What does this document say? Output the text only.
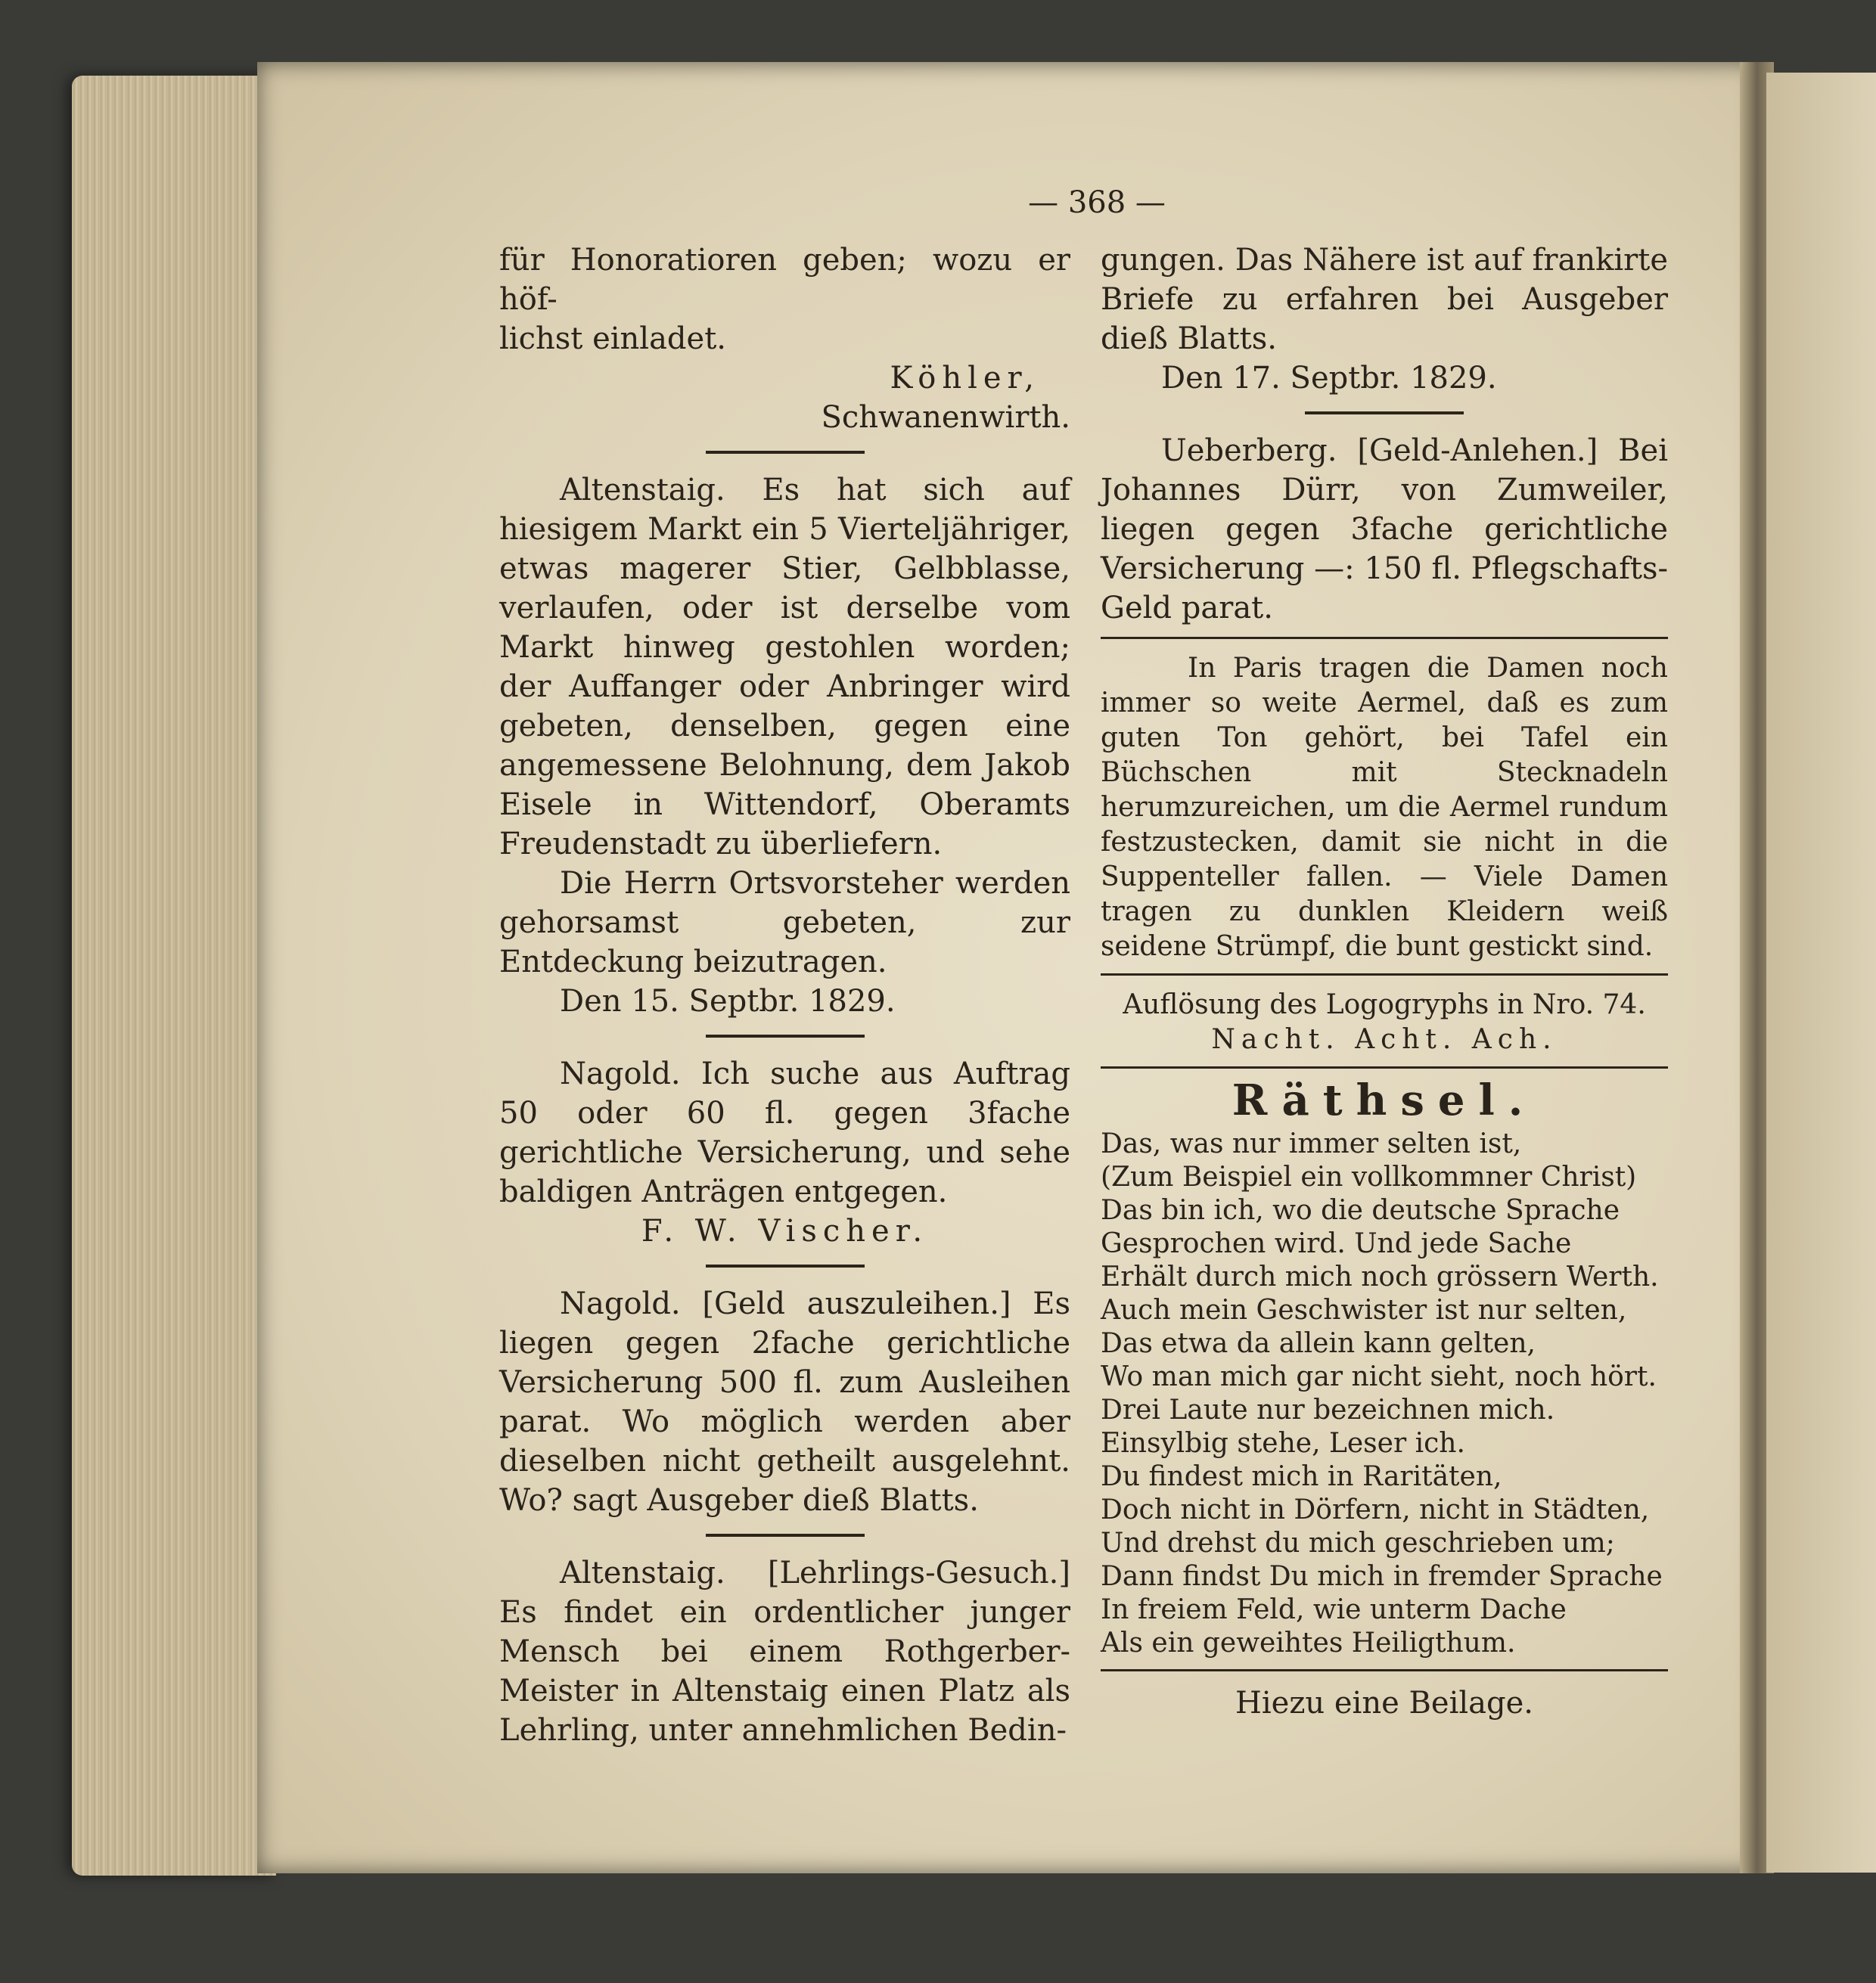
— 368 —

für Honoratioren geben; wozu er höf-

lichst einladet.

Köhler,

Schwanenwirth.

Altenstaig. Es hat sich auf hiesigem Markt ein 5 Vierteljähriger, etwas magerer Stier, Gelbblasse, verlaufen, oder ist derselbe vom Markt hinweg gestohlen worden; der Auffanger oder Anbringer wird gebeten, denselben, gegen eine angemessene Belohnung, dem Jakob Eisele in Wittendorf, Oberamts Freudenstadt zu überliefern.

Die Herrn Ortsvorsteher werden gehorsamst gebeten, zur Entdeckung beizutragen.

Den 15. Septbr. 1829.

Nagold. Ich suche aus Auftrag 50 oder 60 fl. gegen 3fache gerichtliche Versicherung, und sehe baldigen Anträgen entgegen.

F. W. Vischer.

Nagold. [Geld auszuleihen.] Es liegen gegen 2fache gerichtliche Versicherung 500 fl. zum Ausleihen parat. Wo möglich werden aber dieselben nicht getheilt ausgelehnt. Wo? sagt Ausgeber dieß Blatts.

Altenstaig. [Lehrlings-Gesuch.] Es findet ein ordentlicher junger Mensch bei einem Rothgerber-Meister in Altenstaig einen Platz als Lehrling, unter annehmlichen Bedin-

gungen. Das Nähere ist auf frankirte Briefe zu erfahren bei Ausgeber dieß Blatts.

Den 17. Septbr. 1829.

Ueberberg. [Geld-Anlehen.] Bei Johannes Dürr, von Zumweiler, liegen gegen 3fache gerichtliche Versicherung —: 150 fl. Pflegschafts-Geld parat.

In Paris tragen die Damen noch immer so weite Aermel, daß es zum guten Ton gehört, bei Tafel ein Büchschen mit Stecknadeln herumzureichen, um die Aermel rundum festzustecken, damit sie nicht in die Suppenteller fallen. — Viele Damen tragen zu dunklen Kleidern weiß seidene Strümpf, die bunt gestickt sind.

Auflösung des Logogryphs in Nro. 74.

Nacht. Acht. Ach.

Räthsel.

Das, was nur immer selten ist,

(Zum Beispiel ein vollkommner Christ)

Das bin ich, wo die deutsche Sprache

Gesprochen wird. Und jede Sache

Erhält durch mich noch grössern Werth.

Auch mein Geschwister ist nur selten,

Das etwa da allein kann gelten,

Wo man mich gar nicht sieht, noch hört.

Drei Laute nur bezeichnen mich.

Einsylbig stehe, Leser ich.

Du findest mich in Raritäten,

Doch nicht in Dörfern, nicht in Städten,

Und drehst du mich geschrieben um;

Dann findst Du mich in fremder Sprache

In freiem Feld, wie unterm Dache

Als ein geweihtes Heiligthum.

Hiezu eine Beilage.
